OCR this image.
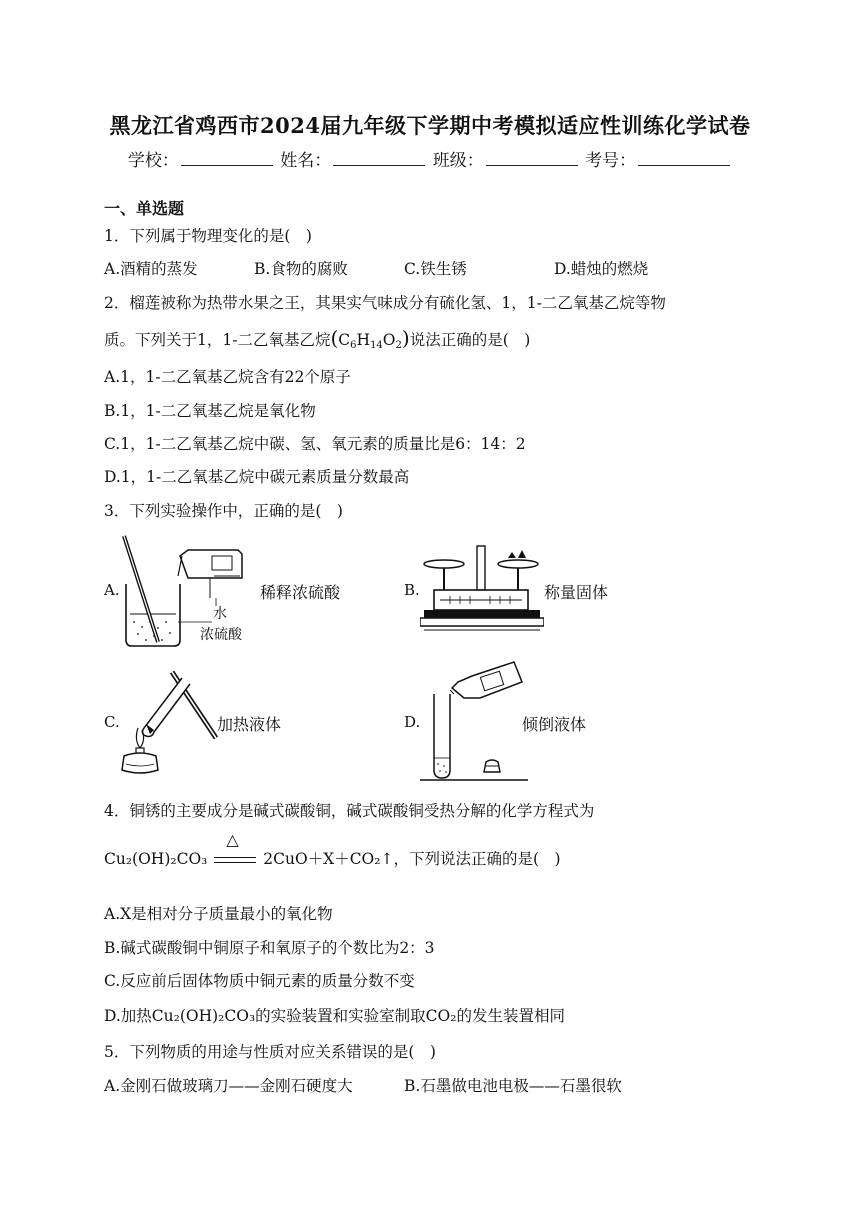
黑龙江省鸡西市2024届九年级下学期中考模拟适应性训练化学试卷
学校：	姓名：	班级：	考号：
一、单选题
1．下列属于物理变化的是(　)
A.酒精的蒸发	B.食物的腐败	C.铁生锈	D.蜡烛的燃烧
2．榴莲被称为热带水果之王，其果实气味成分有硫化氢、1，1-二乙氧基乙烷等物
质。下列关于1，1-二乙氧基乙烷$(C_6H_{14}O_2)$说法正确的是(　)
A.1，1-二乙氧基乙烷含有22个原子
B.1，1-二乙氧基乙烷是氧化物
C.1，1-二乙氧基乙烷中碳、氢、氧元素的质量比是6：14：2
D.1，1-二乙氧基乙烷中碳元素质量分数最高
3．下列实验操作中，正确的是(　)
A.
水
浓硫酸
稀释浓硫酸	B.	称量固体
C.	加热液体	D.	倾倒液体
4．铜锈的主要成分是碱式碳酸铜，碱式碳酸铜受热分解的化学方程式为
Cu₂(OH)₂CO₃
△
2CuO＋X＋CO₂↑，下列说法正确的是(　)
A.X是相对分子质量最小的氧化物
B.碱式碳酸铜中铜原子和氧原子的个数比为2：3
C.反应前后固体物质中铜元素的质量分数不变
D.加热Cu₂(OH)₂CO₃的实验装置和实验室制取CO₂的发生装置相同
5．下列物质的用途与性质对应关系错误的是(　)
A.金刚石做玻璃刀——金刚石硬度大	B.石墨做电池电极——石墨很软
